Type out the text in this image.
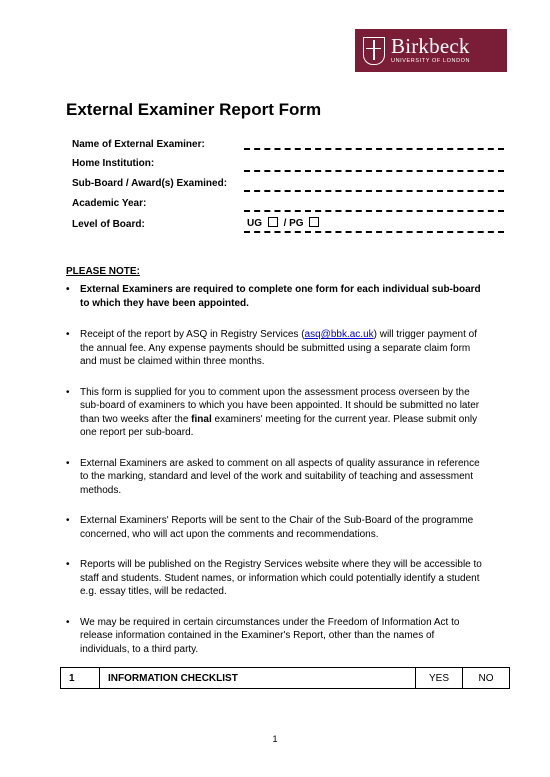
Birkbeck
UNIVERSITY OF LONDON
External Examiner Report Form
Name of External Examiner:
Home Institution:
Sub-Board / Award(s) Examined:
Academic Year:
Level of Board:	UG / PG

PLEASE NOTE:

• External Examiners are required to complete one form for each individual sub-board to which they have been appointed.
• Receipt of the report by ASQ in Registry Services (asq@bbk.ac.uk) will trigger payment of the annual fee. Any expense payments should be submitted using a separate claim form and must be claimed within three months.
• This form is supplied for you to comment upon the assessment process overseen by the sub-board of examiners to which you have been appointed. It should be submitted no later than two weeks after the final examiners' meeting for the current year. Please submit only one report per sub-board.
• External Examiners are asked to comment on all aspects of quality assurance in reference to the marking, standard and level of the work and suitability of teaching and assessment methods.
• External Examiners' Reports will be sent to the Chair of the Sub-Board of the programme concerned, who will act upon the comments and recommendations.
• Reports will be published on the Registry Services website where they will be accessible to staff and students. Student names, or information which could potentially identify a student e.g. essay titles, will be redacted.
• We may be required in certain circumstances under the Freedom of Information Act to release information contained in the Examiner's Report, other than the names of individuals, to a third party.
1	INFORMATION CHECKLIST	YES	NO
1
